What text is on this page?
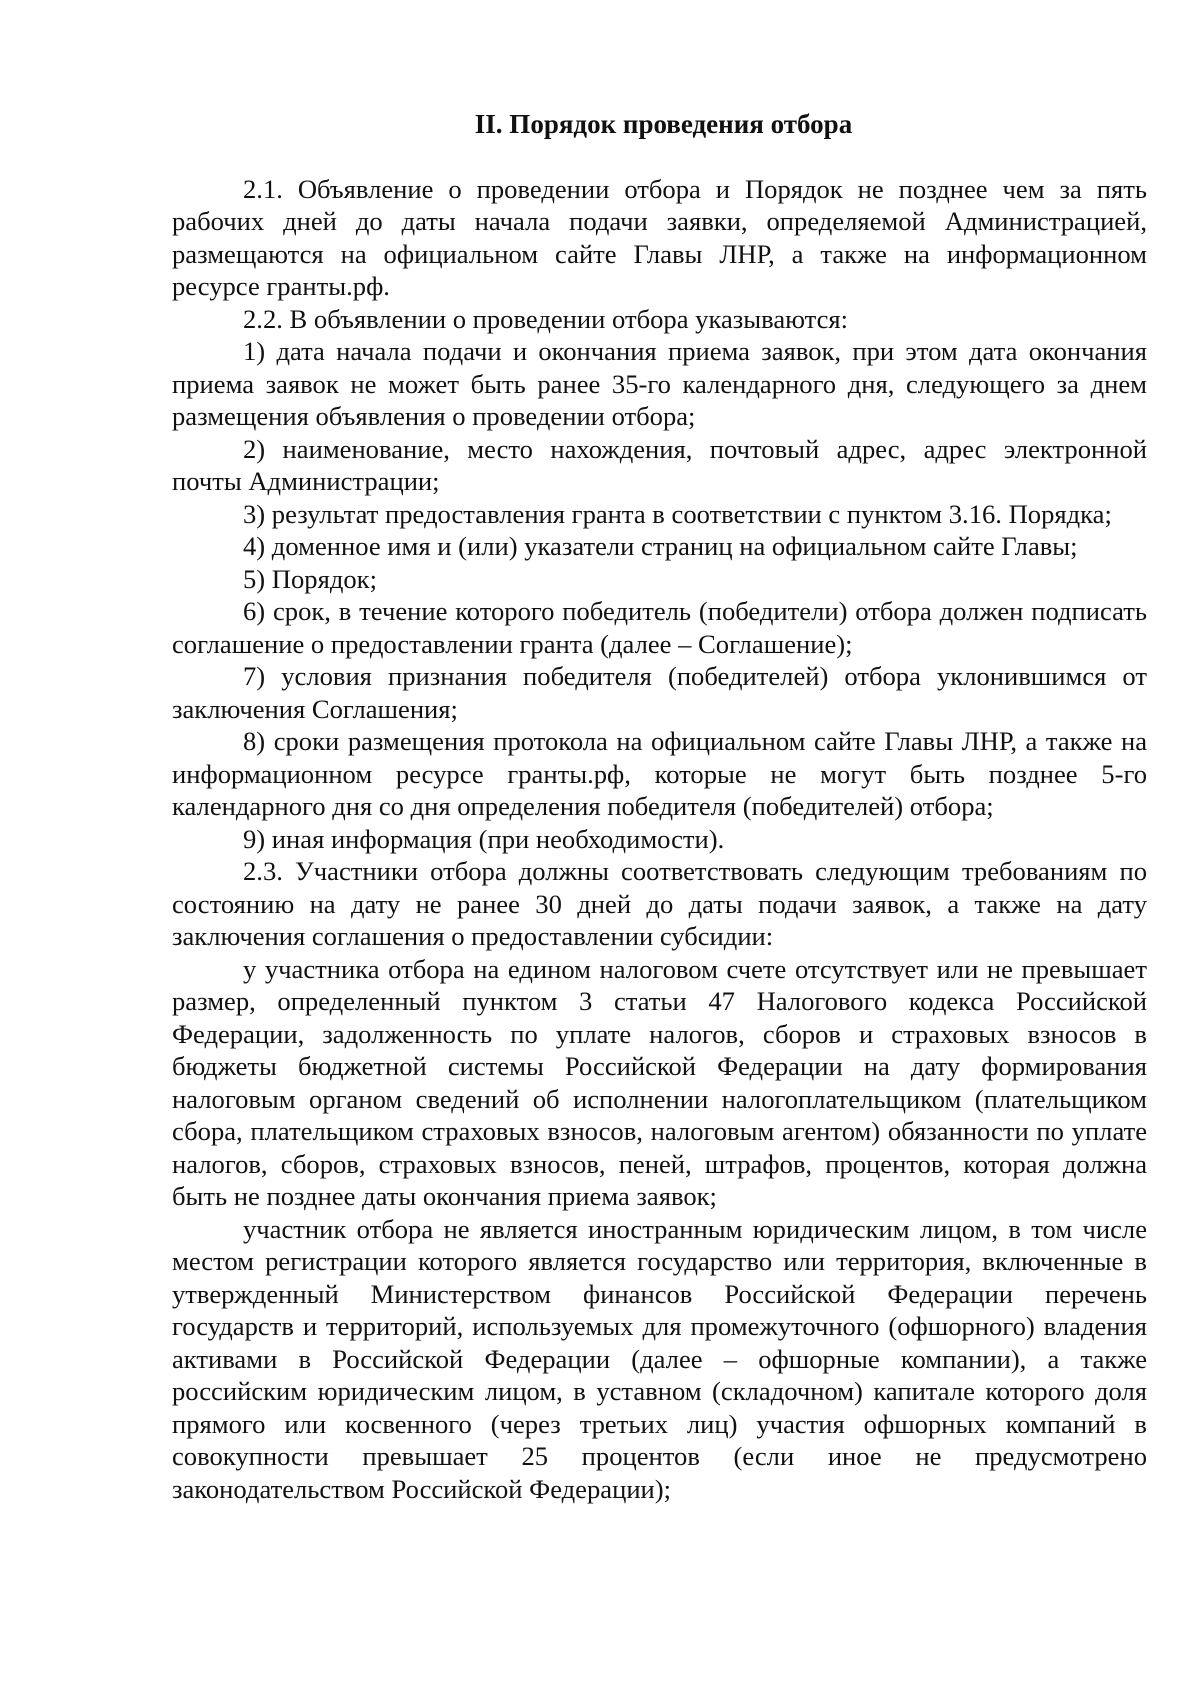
II. Порядок проведения отбора

2.1. Объявление о проведении отбора и Порядок не позднее чем за пять рабочих дней до даты начала подачи заявки, определяемой Администрацией, размещаются на официальном сайте Главы ЛНР, а также на информационном ресурсе гранты.рф.

2.2. В объявлении о проведении отбора указываются:

1) дата начала подачи и окончания приема заявок, при этом дата окончания приема заявок не может быть ранее 35-го календарного дня, следующего за днем размещения объявления о проведении отбора;

2) наименование, место нахождения, почтовый адрес, адрес электронной почты Администрации;

3) результат предоставления гранта в соответствии с пунктом 3.16. Порядка;

4) доменное имя и (или) указатели страниц на официальном сайте Главы;

5) Порядок;

6) срок, в течение которого победитель (победители) отбора должен подписать соглашение о предоставлении гранта (далее – Соглашение);

7) условия признания победителя (победителей) отбора уклонившимся от заключения Соглашения;

8) сроки размещения протокола на официальном сайте Главы ЛНР, а также на информационном ресурсе гранты.рф, которые не могут быть позднее 5-го календарного дня со дня определения победителя (победителей) отбора;

9) иная информация (при необходимости).

2.3. Участники отбора должны соответствовать следующим требованиям по состоянию на дату не ранее 30 дней до даты подачи заявок, а также на дату заключения соглашения о предоставлении субсидии:

у участника отбора на едином налоговом счете отсутствует или не превышает размер, определенный пунктом 3 статьи 47 Налогового кодекса Российской Федерации, задолженность по уплате налогов, сборов и страховых взносов в бюджеты бюджетной системы Российской Федерации на дату формирования налоговым органом сведений об исполнении налогоплательщиком (плательщиком сбора, плательщиком страховых взносов, налоговым агентом) обязанности по уплате налогов, сборов, страховых взносов, пеней, штрафов, процентов, которая должна быть не позднее даты окончания приема заявок;

участник отбора не является иностранным юридическим лицом, в том числе местом регистрации которого является государство или территория, включенные в утвержденный Министерством финансов Российской Федерации перечень государств и территорий, используемых для промежуточного (офшорного) владения активами в Российской Федерации (далее – офшорные компании), а также российским юридическим лицом, в уставном (складочном) капитале которого доля прямого или косвенного (через третьих лиц) участия офшорных компаний в совокупности превышает 25 процентов (если иное не предусмотрено законодательством Российской Федерации);
